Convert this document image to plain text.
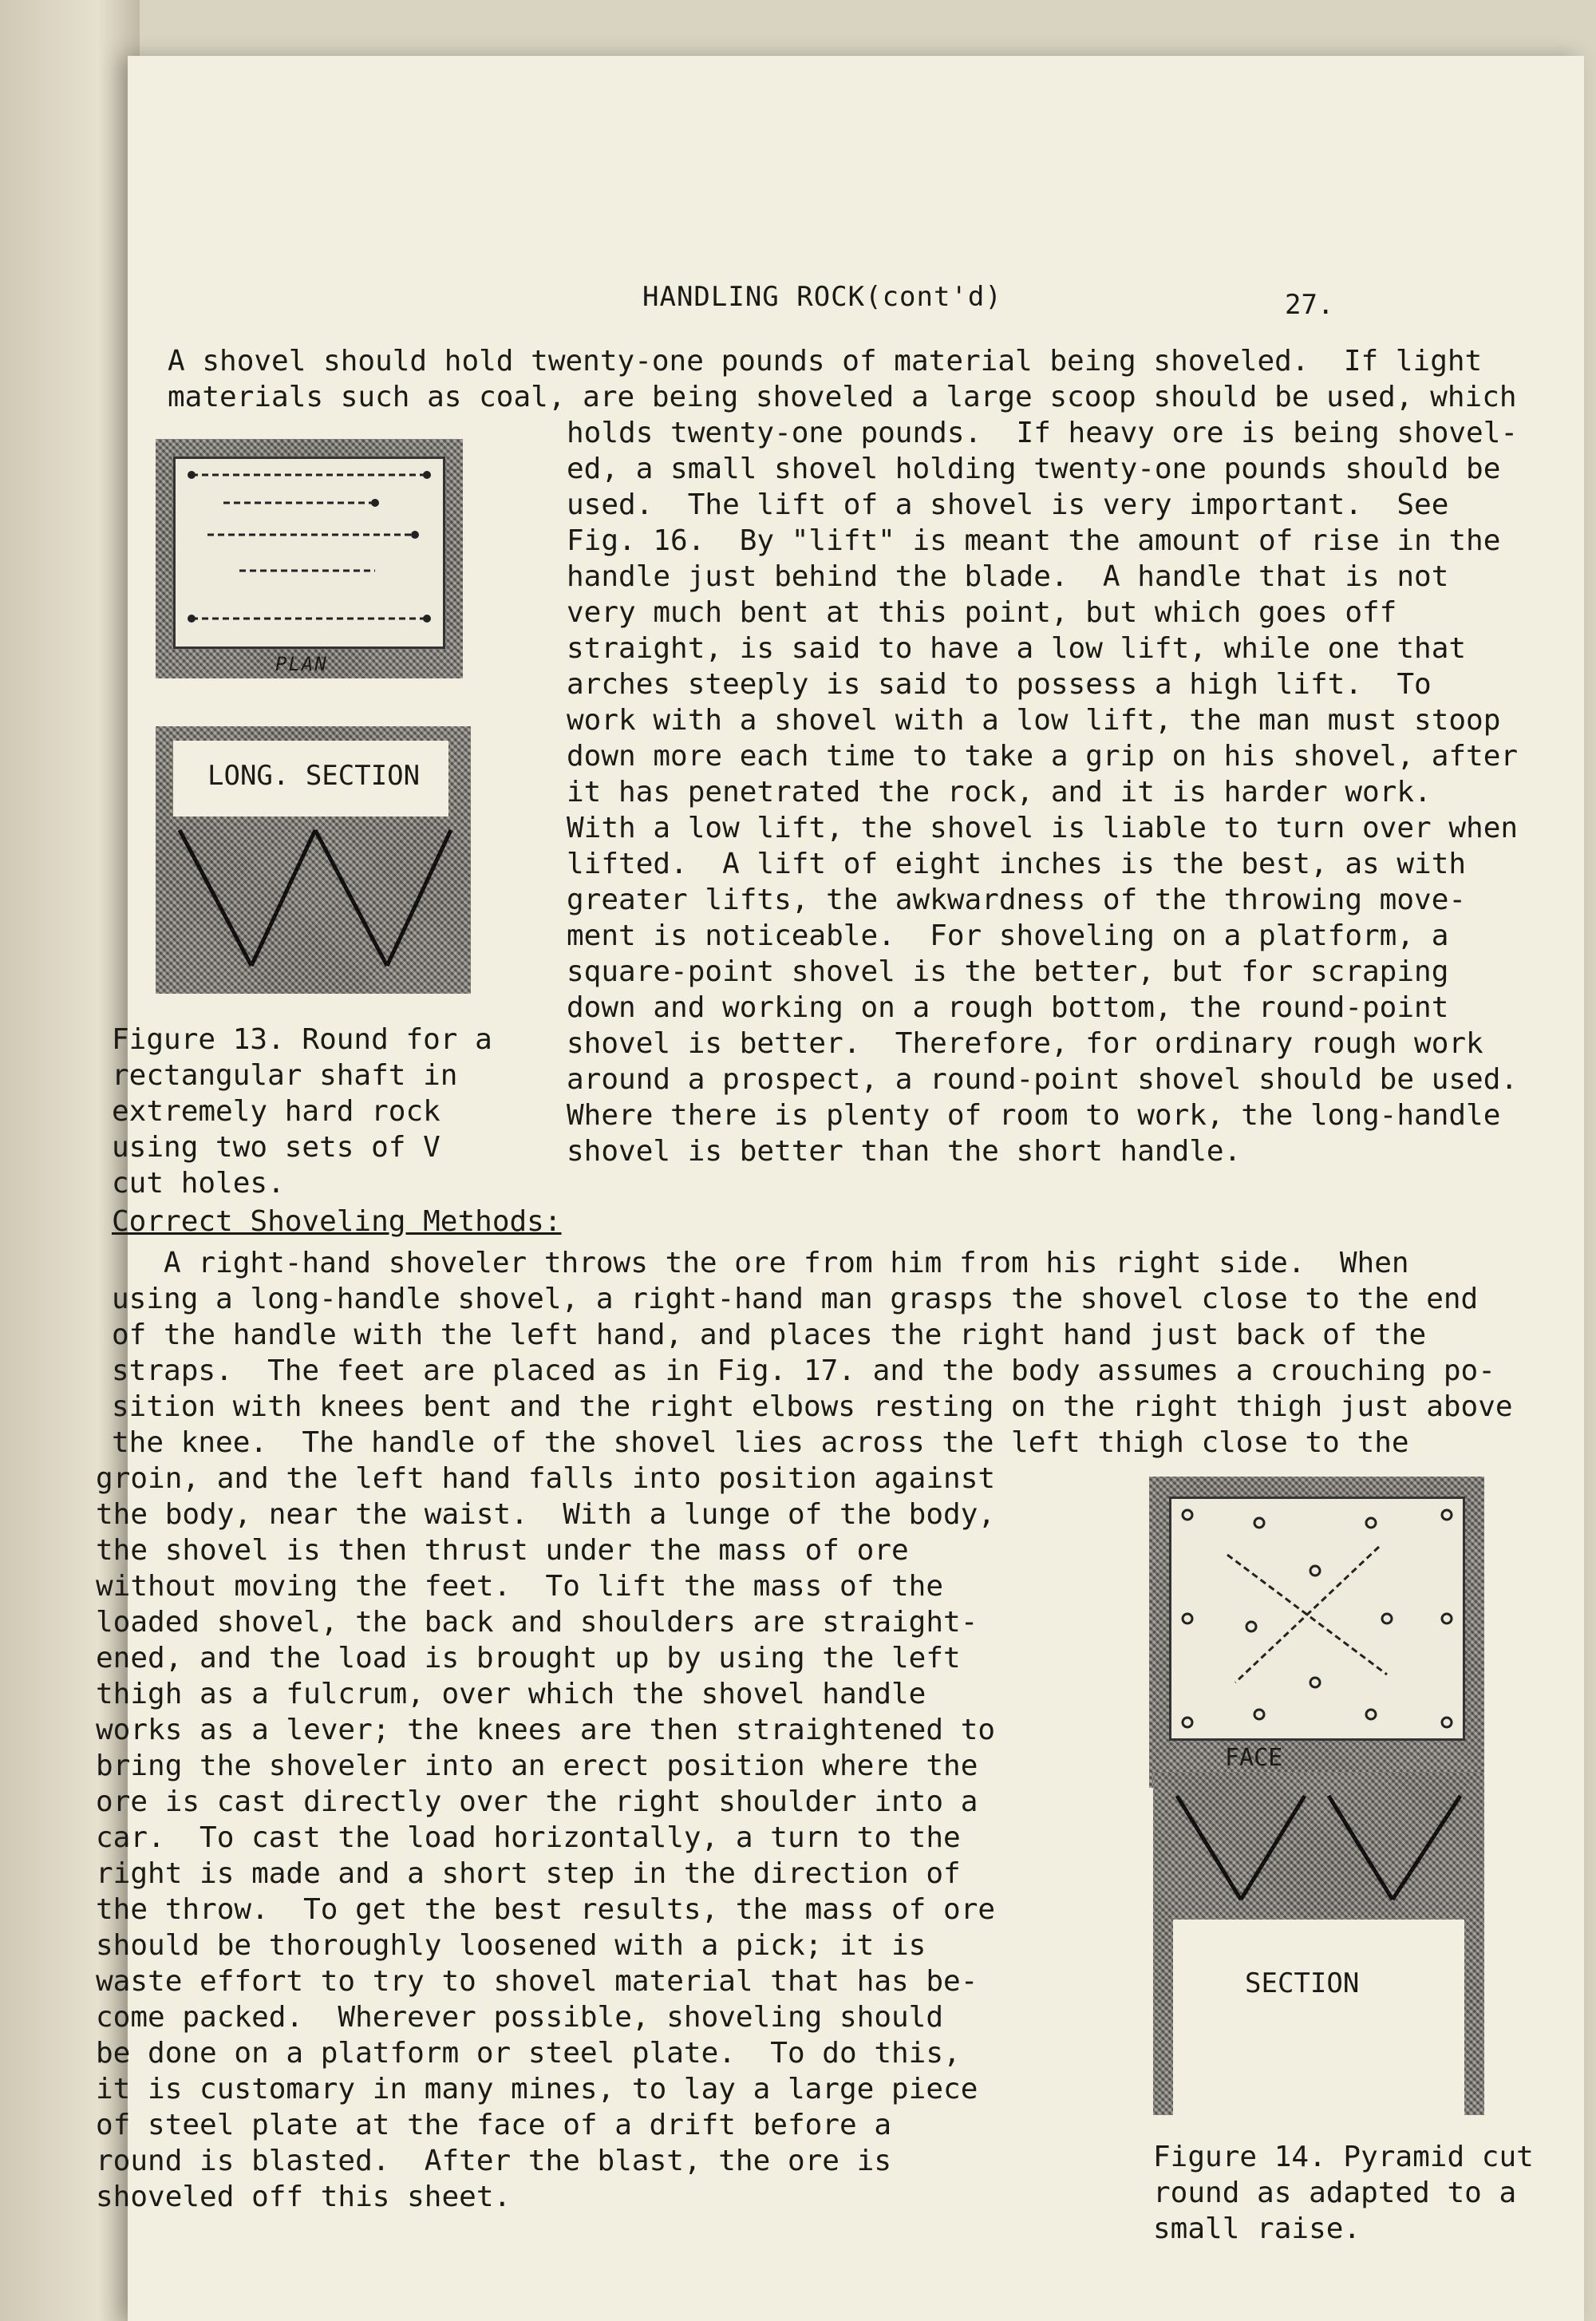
HANDLING ROCK(cont'd)	27.
A shovel should hold twenty-one pounds of material being shoveled.  If light
materials such as coal, are being shoveled a large scoop should be used, which
holds twenty-one pounds.  If heavy ore is being shovel-
ed, a small shovel holding twenty-one pounds should be
used.  The lift of a shovel is very important.  See
Fig. 16.  By "lift" is meant the amount of rise in the
handle just behind the blade.  A handle that is not
very much bent at this point, but which goes off
straight, is said to have a low lift, while one that
arches steeply is said to possess a high lift.  To
work with a shovel with a low lift, the man must stoop
down more each time to take a grip on his shovel, after
it has penetrated the rock, and it is harder work.
With a low lift, the shovel is liable to turn over when
lifted.  A lift of eight inches is the best, as with
greater lifts, the awkwardness of the throwing move-
ment is noticeable.  For shoveling on a platform, a
square-point shovel is the better, but for scraping
down and working on a rough bottom, the round-point
shovel is better.  Therefore, for ordinary rough work
around a prospect, a round-point shovel should be used.
Where there is plenty of room to work, the long-handle
shovel is better than the short handle.
PLAN
LONG. SECTION
Figure 13. Round for a
rectangular shaft in
extremely hard rock
using two sets of V
cut holes.
Correct Shoveling Methods:
A right-hand shoveler throws the ore from him from his right side.  When
using a long-handle shovel, a right-hand man grasps the shovel close to the end
of the handle with the left hand, and places the right hand just back of the
straps.  The feet are placed as in Fig. 17. and the body assumes a crouching po-
sition with knees bent and the right elbows resting on the right thigh just above
the knee.  The handle of the shovel lies across the left thigh close to the
groin, and the left hand falls into position against
the body, near the waist.  With a lunge of the body,
the shovel is then thrust under the mass of ore
without moving the feet.  To lift the mass of the
loaded shovel, the back and shoulders are straight-
ened, and the load is brought up by using the left
thigh as a fulcrum, over which the shovel handle
works as a lever; the knees are then straightened to
bring the shoveler into an erect position where the
ore is cast directly over the right shoulder into a
car.  To cast the load horizontally, a turn to the
right is made and a short step in the direction of
the throw.  To get the best results, the mass of ore
should be thoroughly loosened with a pick; it is
waste effort to try to shovel material that has be-
come packed.  Wherever possible, shoveling should
be done on a platform or steel plate.  To do this,
it is customary in many mines, to lay a large piece
of steel plate at the face of a drift before a
round is blasted.  After the blast, the ore is
shoveled off this sheet.
FACE
SECTION
Figure 14. Pyramid cut
round as adapted to a
small raise.
